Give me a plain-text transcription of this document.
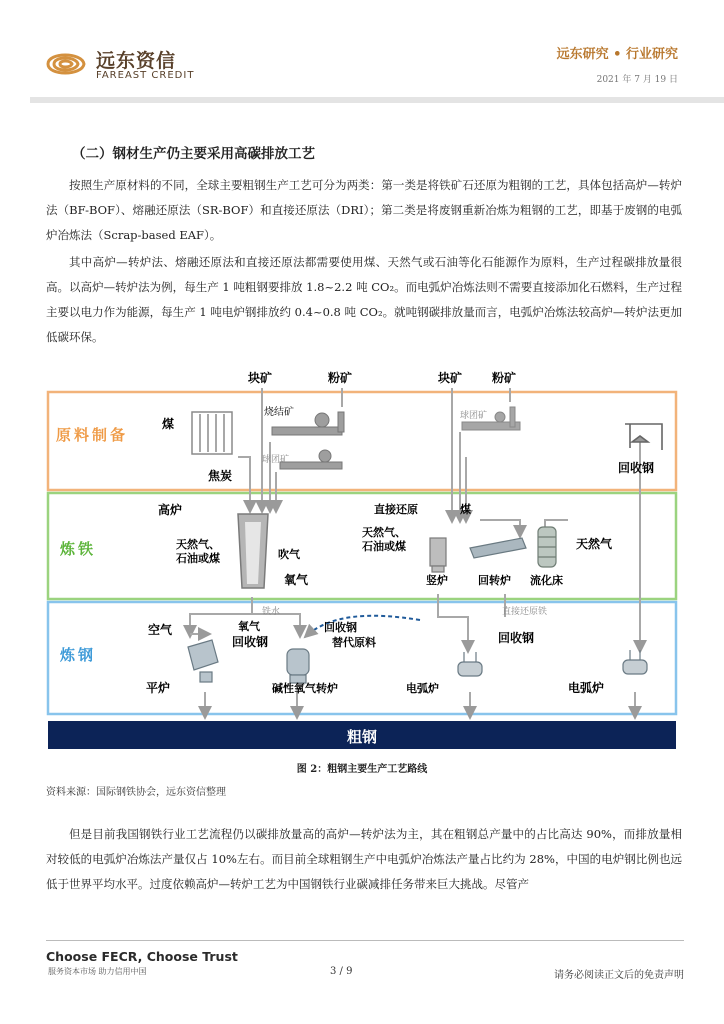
远东资信
FAREAST CREDIT
远东研究 • 行业研究
2021 年 7 月 19 日
（二）钢材生产仍主要采用高碳排放工艺
按照生产原材料的不同，全球主要粗钢生产工艺可分为两类：第一类是将铁矿石还原为粗钢的工艺，具体包括高炉—转炉法（BF-BOF）、熔融还原法（SR-BOF）和直接还原法（DRI）；第二类是将废钢重新冶炼为粗钢的工艺，即基于废钢的电弧炉冶炼法（Scrap-based EAF）。
其中高炉—转炉法、熔融还原法和直接还原法都需要使用煤、天然气或石油等化石能源作为原料，生产过程碳排放量很高。以高炉—转炉法为例，每生产 1 吨粗钢要排放 1.8~2.2 吨 CO₂。而电弧炉冶炼法则不需要直接添加化石燃料，生产过程主要以电力作为能源，每生产 1 吨电炉钢排放约 0.4~0.8 吨 CO₂。就吨钢碳排放量而言，电弧炉冶炼法较高炉—转炉法更加低碳环保。
原料制备
炼铁
炼钢
粗钢
块矿	粉矿	块矿 粉矿
煤
焦炭
烧结矿
球团矿
球团矿
回收钢
高炉
天然气、
石油或煤	吹气
氧气
直接还原	煤
天然气、
石油或煤	天然气
竖炉	回转炉 流化床
铁水	直接还原铁
空气	氧气
回收钢
回收钢
替代原料	回收钢
平炉	碱性氧气转炉	电弧炉	电弧炉
图 2：粗钢主要生产工艺路线
资料来源：国际钢铁协会，远东资信整理
但是目前我国钢铁行业工艺流程仍以碳排放量高的高炉—转炉法为主，其在粗钢总产量中的占比高达 90%，而排放量相对较低的电弧炉冶炼法产量仅占 10%左右。而目前全球粗钢生产中电弧炉冶炼法产量占比约为 28%，中国的电炉钢比例也远低于世界平均水平。过度依赖高炉—转炉工艺为中国钢铁行业碳减排任务带来巨大挑战。尽管产
Choose FECR, Choose Trust
服务资本市场 助力信用中国	3 / 9	请务必阅读正文后的免责声明
